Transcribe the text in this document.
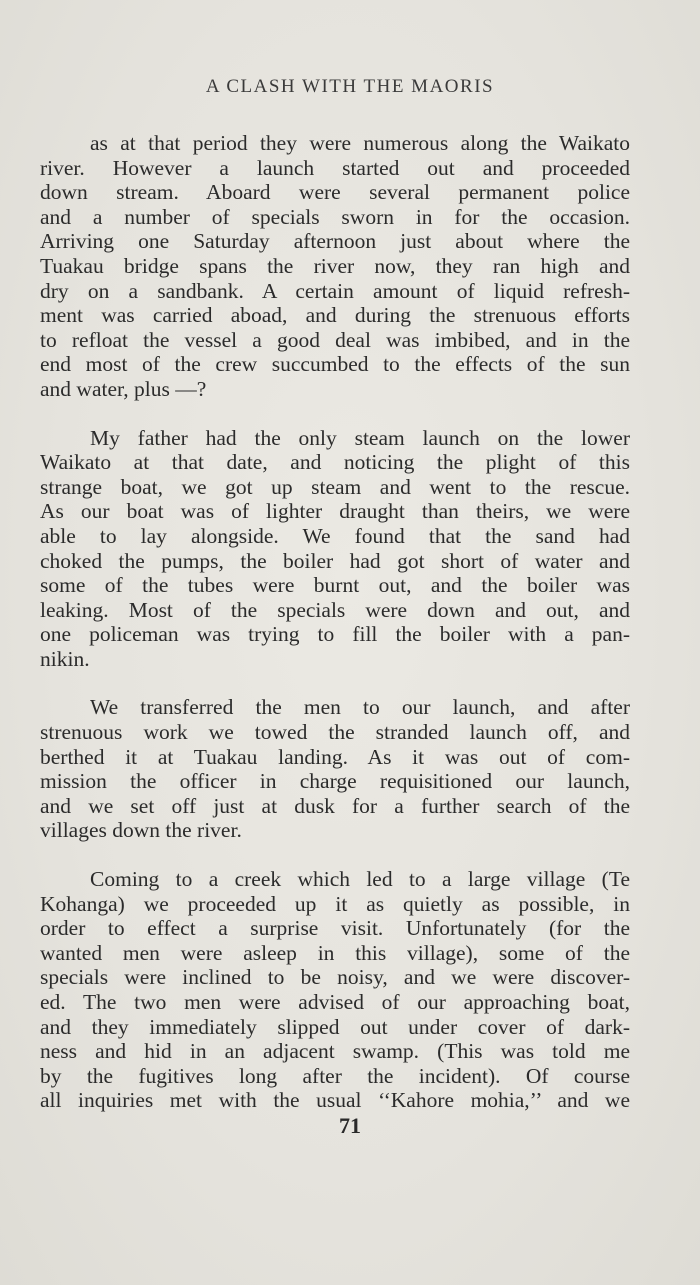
A CLASH WITH THE MAORIS
as at that period they were numerous along the Waikato
river. However a launch started out and proceeded
down stream. Aboard were several permanent police
and a number of specials sworn in for the occasion.
Arriving one Saturday afternoon just about where the
Tuakau bridge spans the river now, they ran high and
dry on a sandbank. A certain amount of liquid refresh-
ment was carried aboad, and during the strenuous efforts
to refloat the vessel a good deal was imbibed, and in the
end most of the crew succumbed to the effects of the sun
and water, plus —?
My father had the only steam launch on the lower
Waikato at that date, and noticing the plight of this
strange boat, we got up steam and went to the rescue.
As our boat was of lighter draught than theirs, we were
able to lay alongside. We found that the sand had
choked the pumps, the boiler had got short of water and
some of the tubes were burnt out, and the boiler was
leaking. Most of the specials were down and out, and
one policeman was trying to fill the boiler with a pan-
nikin.
We transferred the men to our launch, and after
strenuous work we towed the stranded launch off, and
berthed it at Tuakau landing. As it was out of com-
mission the officer in charge requisitioned our launch,
and we set off just at dusk for a further search of the
villages down the river.
Coming to a creek which led to a large village (Te
Kohanga) we proceeded up it as quietly as possible, in
order to effect a surprise visit. Unfortunately (for the
wanted men were asleep in this village), some of the
specials were inclined to be noisy, and we were discover-
ed. The two men were advised of our approaching boat,
and they immediately slipped out under cover of dark-
ness and hid in an adjacent swamp. (This was told me
by the fugitives long after the incident). Of course
all inquiries met with the usual ‘‘Kahore mohia,’’ and we
71
